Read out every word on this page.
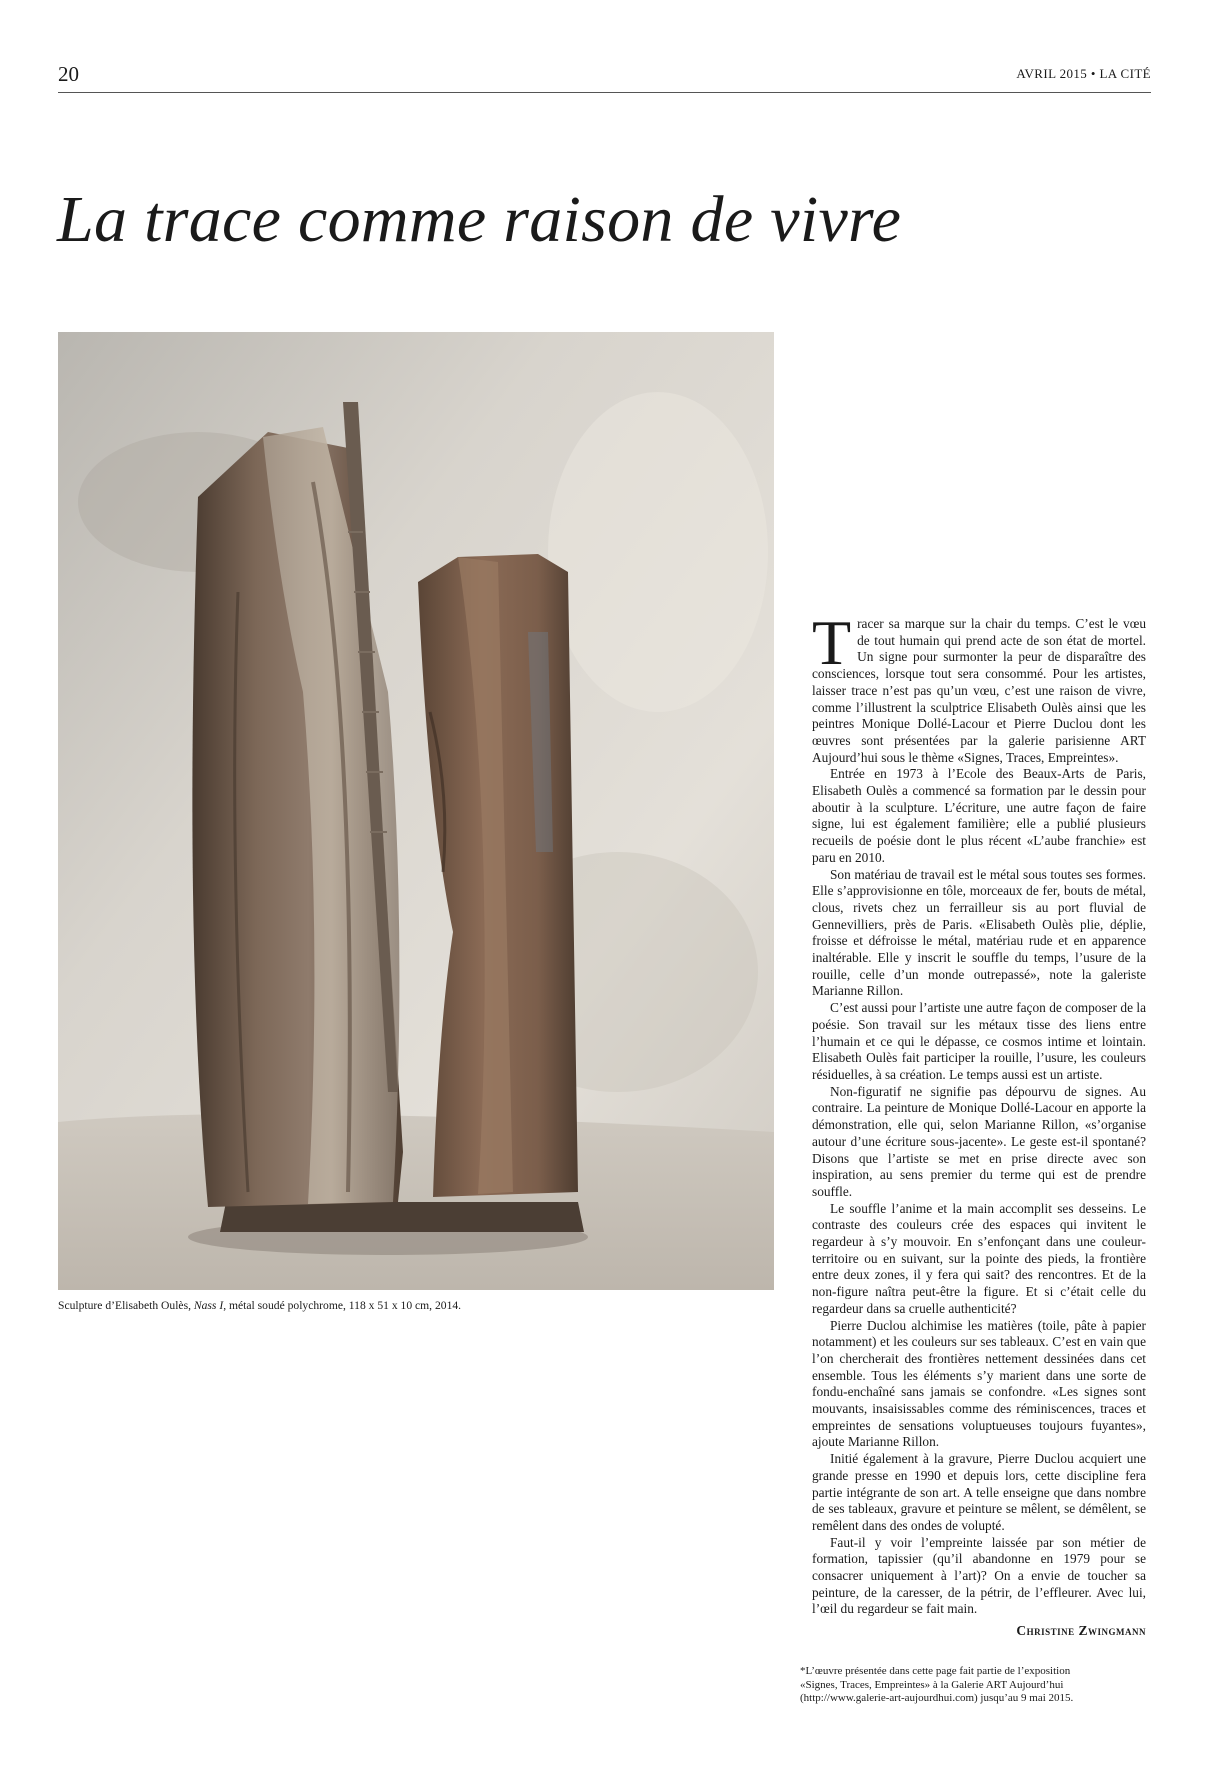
20	AVRIL 2015 • LA CITÉ
La trace comme raison de vivre
Sculpture d’Elisabeth Oulès, Nass I, métal soudé polychrome, 118 x 51 x 10 cm, 2014.

Tracer sa marque sur la chair du temps. C’est le vœu de tout humain qui prend acte de son état de mortel. Un signe pour surmonter la peur de disparaître des consciences, lorsque tout sera consommé. Pour les artistes, laisser trace n’est pas qu’un vœu, c’est une raison de vivre, comme l’illustrent la sculptrice Elisabeth Oulès ainsi que les peintres Monique Dollé-Lacour et Pierre Duclou dont les œuvres sont présentées par la galerie parisienne ART Aujourd’hui sous le thème «Signes, Traces, Empreintes».

Entrée en 1973 à l’Ecole des Beaux-Arts de Paris, Elisabeth Oulès a commencé sa formation par le dessin pour aboutir à la sculpture. L’écriture, une autre façon de faire signe, lui est également familière; elle a publié plusieurs recueils de poésie dont le plus récent «L’aube franchie» est paru en 2010.

Son matériau de travail est le métal sous toutes ses formes. Elle s’approvisionne en tôle, morceaux de fer, bouts de métal, clous, rivets chez un ferrailleur sis au port fluvial de Gennevilliers, près de Paris. «Elisabeth Oulès plie, déplie, froisse et défroisse le métal, matériau rude et en apparence inaltérable. Elle y inscrit le souffle du temps, l’usure de la rouille, celle d’un monde outrepassé», note la galeriste Marianne Rillon.

C’est aussi pour l’artiste une autre façon de composer de la poésie. Son travail sur les métaux tisse des liens entre l’humain et ce qui le dépasse, ce cosmos intime et lointain. Elisabeth Oulès fait participer la rouille, l’usure, les couleurs résiduelles, à sa création. Le temps aussi est un artiste.

Non-figuratif ne signifie pas dépourvu de signes. Au contraire. La peinture de Monique Dollé-Lacour en apporte la démonstration, elle qui, selon Marianne Rillon, «s’organise autour d’une écriture sous-jacente». Le geste est-il spontané? Disons que l’artiste se met en prise directe avec son inspiration, au sens premier du terme qui est de prendre souffle.

Le souffle l’anime et la main accomplit ses desseins. Le contraste des couleurs crée des espaces qui invitent le regardeur à s’y mouvoir. En s’enfonçant dans une couleur-territoire ou en suivant, sur la pointe des pieds, la frontière entre deux zones, il y fera qui sait? des rencontres. Et de la non-figure naîtra peut-être la figure. Et si c’était celle du regardeur dans sa cruelle authenticité?

Pierre Duclou alchimise les matières (toile, pâte à papier notamment) et les couleurs sur ses tableaux. C’est en vain que l’on chercherait des frontières nettement dessinées dans cet ensemble. Tous les éléments s’y marient dans une sorte de fondu-enchaîné sans jamais se confondre. «Les signes sont mouvants, insaisissables comme des réminiscences, traces et empreintes de sensations voluptueuses toujours fuyantes», ajoute Marianne Rillon.

Initié également à la gravure, Pierre Duclou acquiert une grande presse en 1990 et depuis lors, cette discipline fera partie intégrante de son art. A telle enseigne que dans nombre de ses tableaux, gravure et peinture se mêlent, se démêlent, se remêlent dans des ondes de volupté.

Faut-il y voir l’empreinte laissée par son métier de formation, tapissier (qu’il abandonne en 1979 pour se consacrer uniquement à l’art)? On a envie de toucher sa peinture, de la caresser, de la pétrir, de l’effleurer. Avec lui, l’œil du regardeur se fait main.

Christine Zwingmann
*L’œuvre présentée dans cette page fait partie de l’exposition «Signes, Traces, Empreintes» à la Galerie ART Aujourd’hui (http://www.galerie-art-aujourdhui.com) jusqu’au 9 mai 2015.
